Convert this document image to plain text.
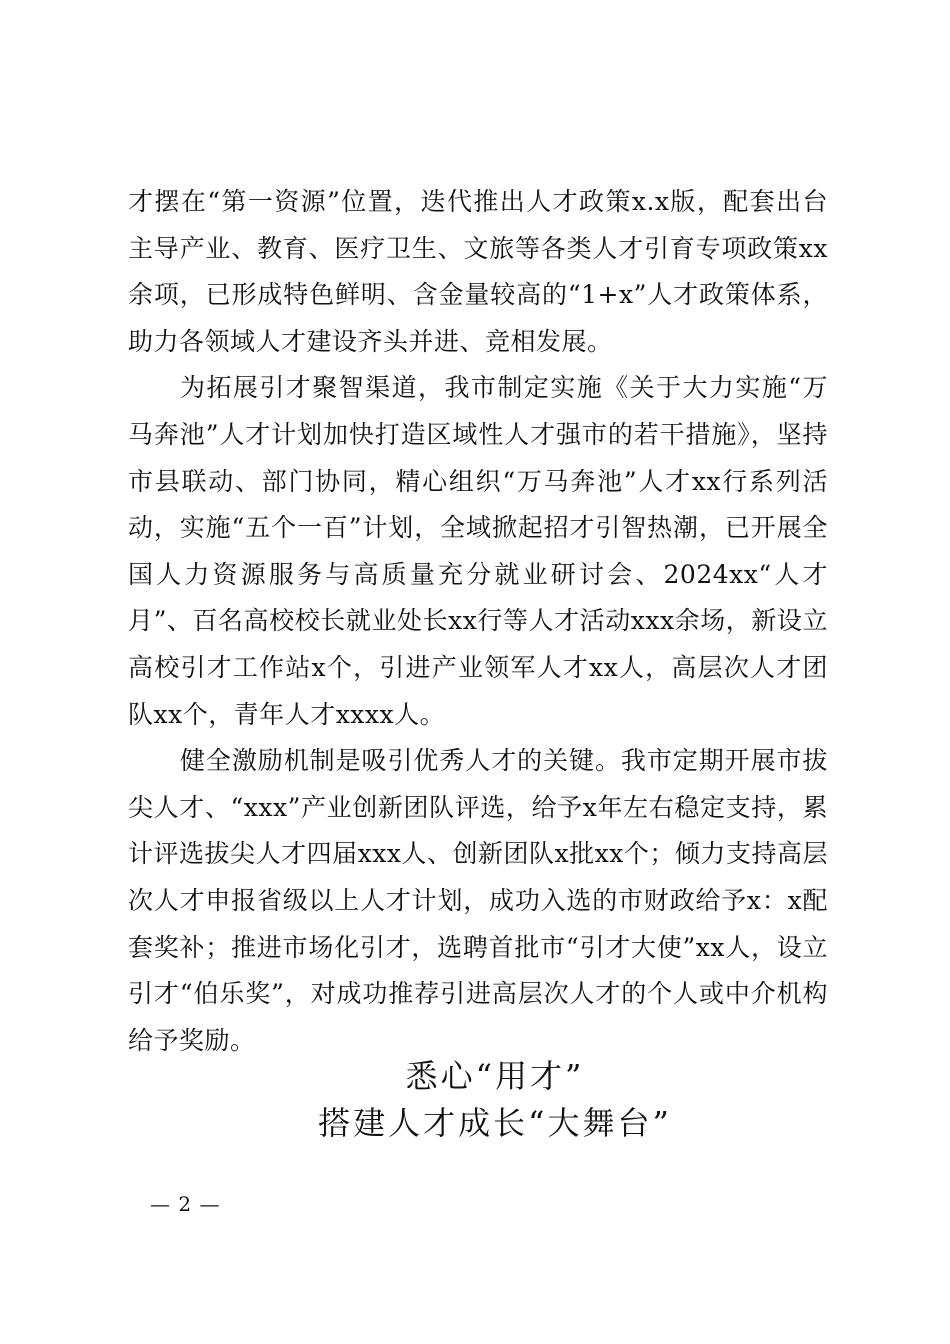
才摆在“第一资源”位置，迭代推出人才政策x.x版，配套出台主导产业、教育、医疗卫生、文旅等各类人才引育专项政策xx余项，已形成特色鲜明、含金量较高的“1+x”人才政策体系，助力各领域人才建设齐头并进、竞相发展。

为拓展引才聚智渠道，我市制定实施《关于大力实施“万马奔池”人才计划加快打造区域性人才强市的若干措施》，坚持市县联动、部门协同，精心组织“万马奔池”人才xx行系列活动，实施“五个一百”计划，全域掀起招才引智热潮，已开展全国人力资源服务与高质量充分就业研讨会、2024xx“人才月”、百名高校校长就业处长xx行等人才活动xxx余场，新设立高校引才工作站x个，引进产业领军人才xx人，高层次人才团队xx个，青年人才xxxx人。

健全激励机制是吸引优秀人才的关键。我市定期开展市拔尖人才、“xxx”产业创新团队评选，给予x年左右稳定支持，累计评选拔尖人才四届xxx人、创新团队x批xx个；倾力支持高层次人才申报省级以上人才计划，成功入选的市财政给予x：x配套奖补；推进市场化引才，选聘首批市“引才大使”xx人，设立引才“伯乐奖”，对成功推荐引进高层次人才的个人或中介机构给予奖励。

悉心“用才”
搭建人才成长“大舞台”
— 2 —
